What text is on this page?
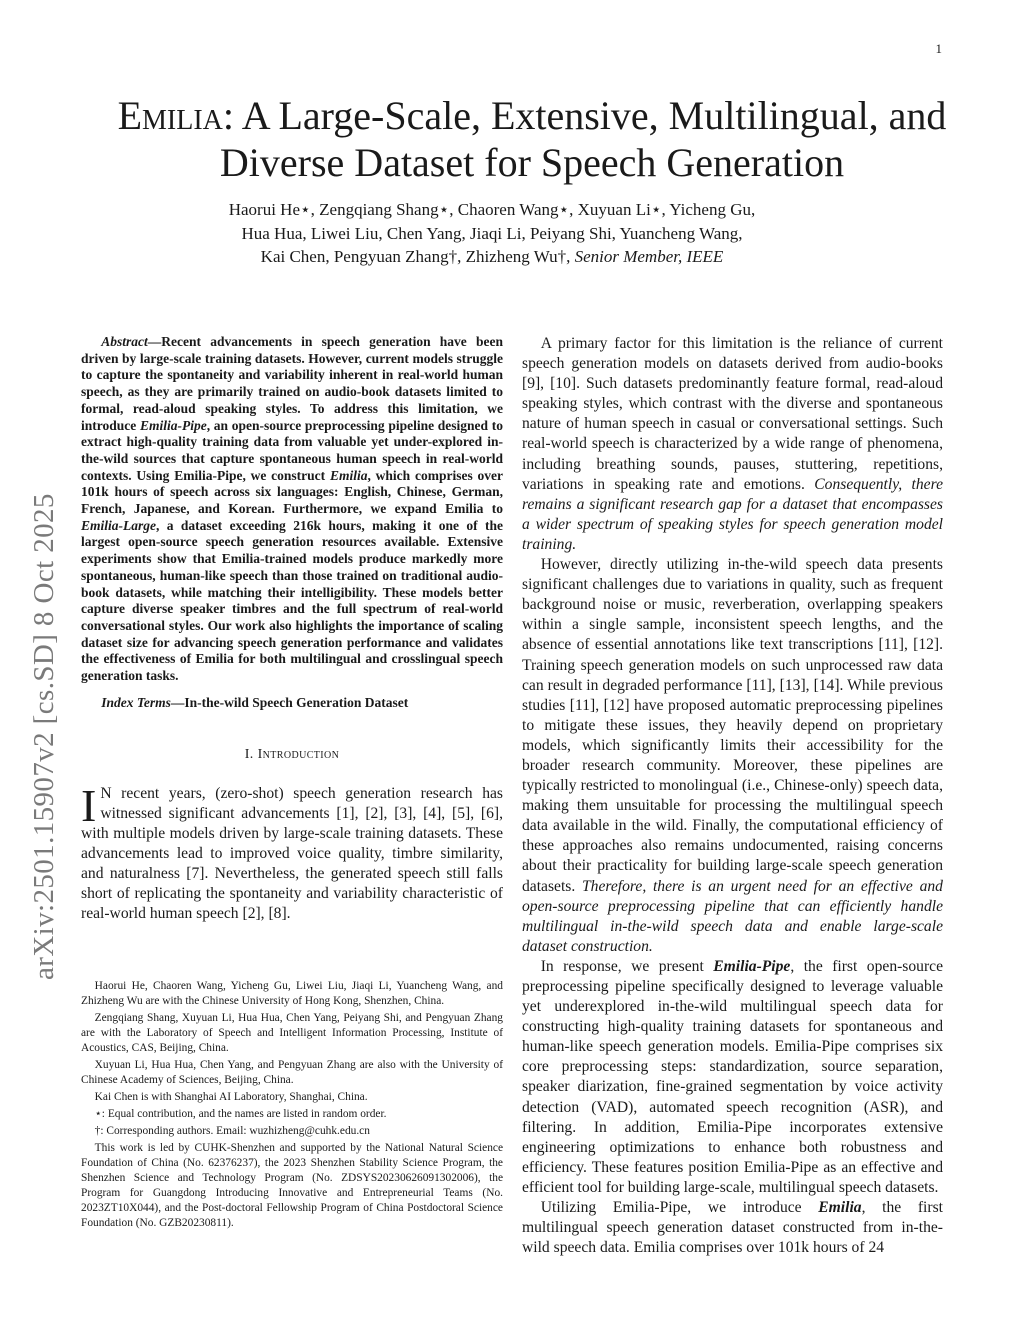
1
arXiv:2501.15907v2 [cs.SD] 8 Oct 2025
Emilia: A Large-Scale, Extensive, Multilingual, and Diverse Dataset for Speech Generation
Haorui He⋆, Zengqiang Shang⋆, Chaoren Wang⋆, Xuyuan Li⋆, Yicheng Gu,
Hua Hua, Liwei Liu, Chen Yang, Jiaqi Li, Peiyang Shi, Yuancheng Wang,
Kai Chen, Pengyuan Zhang†, Zhizheng Wu†, Senior Member, IEEE

Abstract—Recent advancements in speech generation have been driven by large-scale training datasets. However, current models struggle to capture the spontaneity and variability inherent in real-world human speech, as they are primarily trained on audio-book datasets limited to formal, read-aloud speaking styles. To address this limitation, we introduce Emilia-Pipe, an open-source preprocessing pipeline designed to extract high-quality training data from valuable yet under-explored in-the-wild sources that capture spontaneous human speech in real-world contexts. Using Emilia-Pipe, we construct Emilia, which comprises over 101k hours of speech across six languages: English, Chinese, German, French, Japanese, and Korean. Furthermore, we expand Emilia to Emilia-Large, a dataset exceeding 216k hours, making it one of the largest open-source speech generation resources available. Extensive experiments show that Emilia-trained models produce markedly more spontaneous, human-like speech than those trained on traditional audio-book datasets, while matching their intelligibility. These models better capture diverse speaker timbres and the full spectrum of real-world conversational styles. Our work also highlights the importance of scaling dataset size for advancing speech generation performance and validates the effectiveness of Emilia for both multilingual and crosslingual speech generation tasks.

Index Terms—In-the-wild Speech Generation Dataset

I. Introduction

I N recent years, (zero-shot) speech generation research has witnessed significant advancements [1], [2], [3], [4], [5], [6], with multiple models driven by large-scale training datasets. These advancements lead to improved voice quality, timbre similarity, and naturalness [7]. Nevertheless, the generated speech still falls short of replicating the spontaneity and variability characteristic of real-world human speech [2], [8].

Haorui He, Chaoren Wang, Yicheng Gu, Liwei Liu, Jiaqi Li, Yuancheng Wang, and Zhizheng Wu are with the Chinese University of Hong Kong, Shenzhen, China.

Zengqiang Shang, Xuyuan Li, Hua Hua, Chen Yang, Peiyang Shi, and Pengyuan Zhang are with the Laboratory of Speech and Intelligent Information Processing, Institute of Acoustics, CAS, Beijing, China.

Xuyuan Li, Hua Hua, Chen Yang, and Pengyuan Zhang are also with the University of Chinese Academy of Sciences, Beijing, China.

Kai Chen is with Shanghai AI Laboratory, Shanghai, China.

⋆: Equal contribution, and the names are listed in random order.

†: Corresponding authors. Email: wuzhizheng@cuhk.edu.cn

This work is led by CUHK-Shenzhen and supported by the National Natural Science Foundation of China (No. 62376237), the 2023 Shenzhen Stability Science Program, the Shenzhen Science and Technology Program (No. ZDSYS20230626091302006), the Program for Guangdong Introducing Innovative and Entrepreneurial Teams (No. 2023ZT10X044), and the Post-doctoral Fellowship Program of China Postdoctoral Science Foundation (No. GZB20230811).

A primary factor for this limitation is the reliance of current speech generation models on datasets derived from audio-books [9], [10]. Such datasets predominantly feature formal, read-aloud speaking styles, which contrast with the diverse and spontaneous nature of human speech in casual or conversational settings. Such real-world speech is characterized by a wide range of phenomena, including breathing sounds, pauses, stuttering, repetitions, variations in speaking rate and emotions. Consequently, there remains a significant research gap for a dataset that encompasses a wider spectrum of speaking styles for speech generation model training.

However, directly utilizing in-the-wild speech data presents significant challenges due to variations in quality, such as frequent background noise or music, reverberation, overlapping speakers within a single sample, inconsistent speech lengths, and the absence of essential annotations like text transcriptions [11], [12]. Training speech generation models on such unprocessed raw data can result in degraded performance [11], [13], [14]. While previous studies [11], [12] have proposed automatic preprocessing pipelines to mitigate these issues, they heavily depend on proprietary models, which significantly limits their accessibility for the broader research community. Moreover, these pipelines are typically restricted to monolingual (i.e., Chinese-only) speech data, making them unsuitable for processing the multilingual speech data available in the wild. Finally, the computational efficiency of these approaches also remains undocumented, raising concerns about their practicality for building large-scale speech generation datasets. Therefore, there is an urgent need for an effective and open-source preprocessing pipeline that can efficiently handle multilingual in-the-wild speech data and enable large-scale dataset construction.

In response, we present Emilia-Pipe, the first open-source preprocessing pipeline specifically designed to leverage valuable yet underexplored in-the-wild multilingual speech data for constructing high-quality training datasets for spontaneous and human-like speech generation models. Emilia-Pipe comprises six core preprocessing steps: standardization, source separation, speaker diarization, fine-grained segmentation by voice activity detection (VAD), automated speech recognition (ASR), and filtering. In addition, Emilia-Pipe incorporates extensive engineering optimizations to enhance both robustness and efficiency. These features position Emilia-Pipe as an effective and efficient tool for building large-scale, multilingual speech datasets.

Utilizing Emilia-Pipe, we introduce Emilia, the first multilingual speech generation dataset constructed from in-the-wild speech data. Emilia comprises over 101k hours of 24
